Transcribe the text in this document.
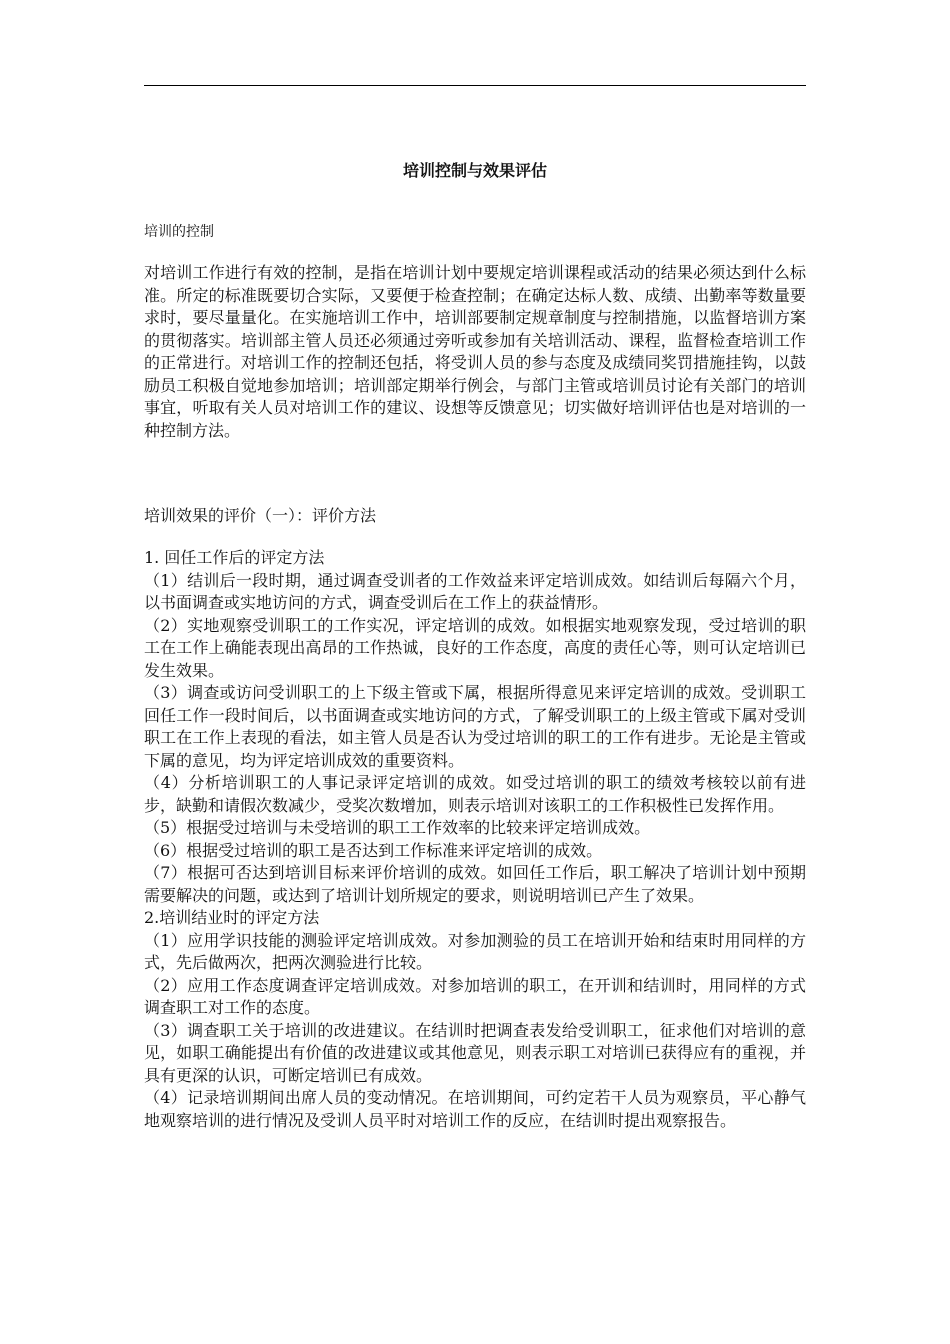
培训控制与效果评估
培训的控制

对培训工作进行有效的控制，是指在培训计划中要规定培训课程或活动的结果必须达到什么标准。所定的标准既要切合实际，又要便于检查控制；在确定达标人数、成绩、出勤率等数量要求时，要尽量量化。在实施培训工作中，培训部要制定规章制度与控制措施，以监督培训方案的贯彻落实。培训部主管人员还必须通过旁听或参加有关培训活动、课程，监督检查培训工作的正常进行。对培训工作的控制还包括，将受训人员的参与态度及成绩同奖罚措施挂钩，以鼓励员工积极自觉地参加培训；培训部定期举行例会，与部门主管或培训员讨论有关部门的培训事宜，听取有关人员对培训工作的建议、设想等反馈意见；切实做好培训评估也是对培训的一种控制方法。

培训效果的评价（一）：评价方法

1. 回任工作后的评定方法

（1）结训后一段时期，通过调查受训者的工作效益来评定培训成效。如结训后每隔六个月，以书面调查或实地访问的方式，调查受训后在工作上的获益情形。

（2）实地观察受训职工的工作实况，评定培训的成效。如根据实地观察发现，受过培训的职工在工作上确能表现出高昂的工作热诚，良好的工作态度，高度的责任心等，则可认定培训已发生效果。

（3）调查或访问受训职工的上下级主管或下属，根据所得意见来评定培训的成效。受训职工回任工作一段时间后，以书面调查或实地访问的方式，了解受训职工的上级主管或下属对受训职工在工作上表现的看法，如主管人员是否认为受过培训的职工的工作有进步。无论是主管或下属的意见，均为评定培训成效的重要资料。

（4）分析培训职工的人事记录评定培训的成效。如受过培训的职工的绩效考核较以前有进步，缺勤和请假次数减少，受奖次数增加，则表示培训对该职工的工作积极性已发挥作用。

（5）根据受过培训与未受培训的职工工作效率的比较来评定培训成效。

（6）根据受过培训的职工是否达到工作标准来评定培训的成效。

（7）根据可否达到培训目标来评价培训的成效。如回任工作后，职工解决了培训计划中预期需要解决的问题，或达到了培训计划所规定的要求，则说明培训已产生了效果。

2.培训结业时的评定方法

（1）应用学识技能的测验评定培训成效。对参加测验的员工在培训开始和结束时用同样的方式，先后做两次，把两次测验进行比较。

（2）应用工作态度调查评定培训成效。对参加培训的职工，在开训和结训时，用同样的方式调查职工对工作的态度。

（3）调查职工关于培训的改进建议。在结训时把调查表发给受训职工，征求他们对培训的意见，如职工确能提出有价值的改进建议或其他意见，则表示职工对培训已获得应有的重视，并具有更深的认识，可断定培训已有成效。

（4）记录培训期间出席人员的变动情况。在培训期间，可约定若干人员为观察员，平心静气地观察培训的进行情况及受训人员平时对培训工作的反应，在结训时提出观察报告。
